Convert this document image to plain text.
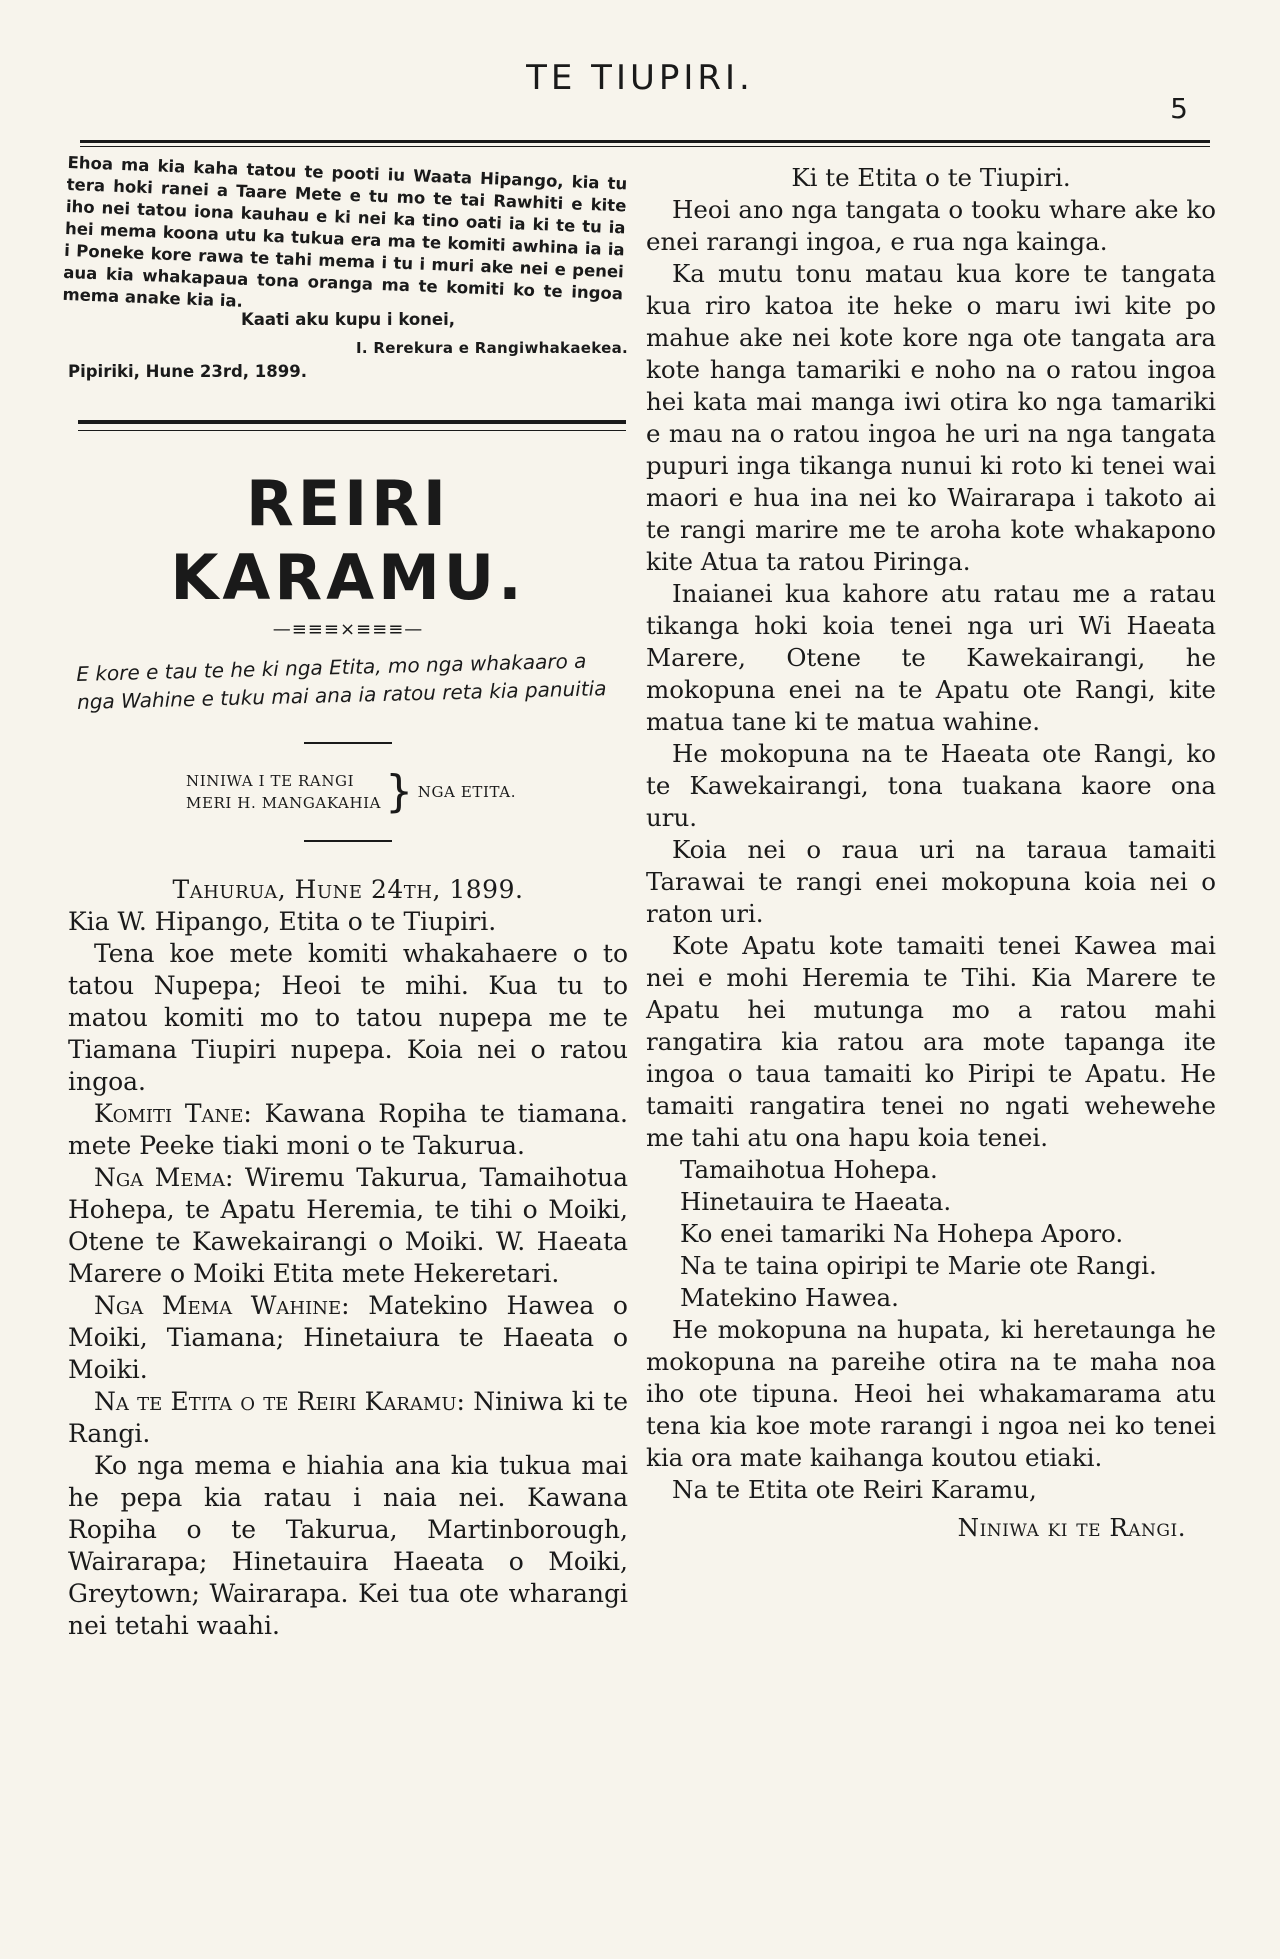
TE TIUPIRI.
5

Ehoa ma kia kaha tatou te pooti iu Waata Hipango, kia tu tera hoki ranei a Taare Mete e tu mo te tai Rawhiti e kite iho nei tatou iona kauhau e ki nei ka tino oati ia ki te tu ia hei mema koona utu ka tukua era ma te komiti awhina ia ia i Poneke kore rawa te tahi mema i tu i muri ake nei e penei aua kia whakapaua tona oranga ma te komiti ko te ingoa mema anake kia ia.

Kaati aku kupu i konei,
I. Rerekura e Rangiwhakaekea.
Pipiriki, Hune 23rd, 1899.
REIRI KARAMU.
—≡≡≡×≡≡≡—
E kore e tau te he ki nga Etita, mo nga whakaaro a nga Wahine e tuku mai ana ia ratou reta kia panuitia
NINIWA I TE RANGI
MERI H. MANGAKAHIA } NGA ETITA.

Tahurua, Hune 24th, 1899.

Kia W. Hipango, Etita o te Tiupiri.

Tena koe mete komiti whakahaere o to tatou Nupepa; Heoi te mihi. Kua tu to matou komiti mo to tatou nupepa me te Tiamana Tiupiri nupepa. Koia nei o ratou ingoa.

Komiti Tane: Kawana Ropiha te tiamana. mete Peeke tiaki moni o te Takurua.

Nga Mema: Wiremu Takurua, Tamaihotua Hohepa, te Apatu Heremia, te tihi o Moiki, Otene te Kawekairangi o Moiki. W. Haeata Marere o Moiki Etita mete Hekeretari.

Nga Mema Wahine: Matekino Hawea o Moiki, Tiamana; Hinetaiura te Haeata o Moiki.

Na te Etita o te Reiri Karamu: Niniwa ki te Rangi.

Ko nga mema e hiahia ana kia tukua mai he pepa kia ratau i naia nei. Kawana Ropiha o te Takurua, Martinborough, Wairarapa; Hinetauira Haeata o Moiki, Greytown; Wairarapa. Kei tua ote wharangi nei tetahi waahi.

Ki te Etita o te Tiupiri.

Heoi ano nga tangata o tooku whare ake ko enei rarangi ingoa, e rua nga kainga.

Ka mutu tonu matau kua kore te tangata kua riro katoa ite heke o maru iwi kite po mahue ake nei kote kore nga ote tangata ara kote hanga tamariki e noho na o ratou ingoa hei kata mai manga iwi otira ko nga tamariki e mau na o ratou ingoa he uri na nga tangata pupuri inga tikanga nunui ki roto ki tenei wai maori e hua ina nei ko Wairarapa i takoto ai te rangi marire me te aroha kote whakapono kite Atua ta ratou Piringa.

Inaianei kua kahore atu ratau me a ratau tikanga hoki koia tenei nga uri Wi Haeata Marere, Otene te Kawekairangi, he mokopuna enei na te Apatu ote Rangi, kite matua tane ki te matua wahine.

He mokopuna na te Haeata ote Rangi, ko te Kawekairangi, tona tuakana kaore ona uru.

Koia nei o raua uri na taraua tamaiti Tarawai te rangi enei mokopuna koia nei o raton uri.

Kote Apatu kote tamaiti tenei Kawea mai nei e mohi Heremia te Tihi. Kia Marere te Apatu hei mutunga mo a ratou mahi rangatira kia ratou ara mote tapanga ite ingoa o taua tamaiti ko Piripi te Apatu. He tamaiti rangatira tenei no ngati wehewehe me tahi atu ona hapu koia tenei.

Tamaihotua Hohepa.

Hinetauira te Haeata.

Ko enei tamariki Na Hohepa Aporo.

Na te taina opiripi te Marie ote Rangi.

Matekino Hawea.

He mokopuna na hupata, ki heretaunga he mokopuna na pareihe otira na te maha noa iho ote tipuna. Heoi hei whakamarama atu tena kia koe mote rarangi i ngoa nei ko tenei kia ora mate kaihanga koutou etiaki.

Na te Etita ote Reiri Karamu,

Niniwa ki te Rangi.
